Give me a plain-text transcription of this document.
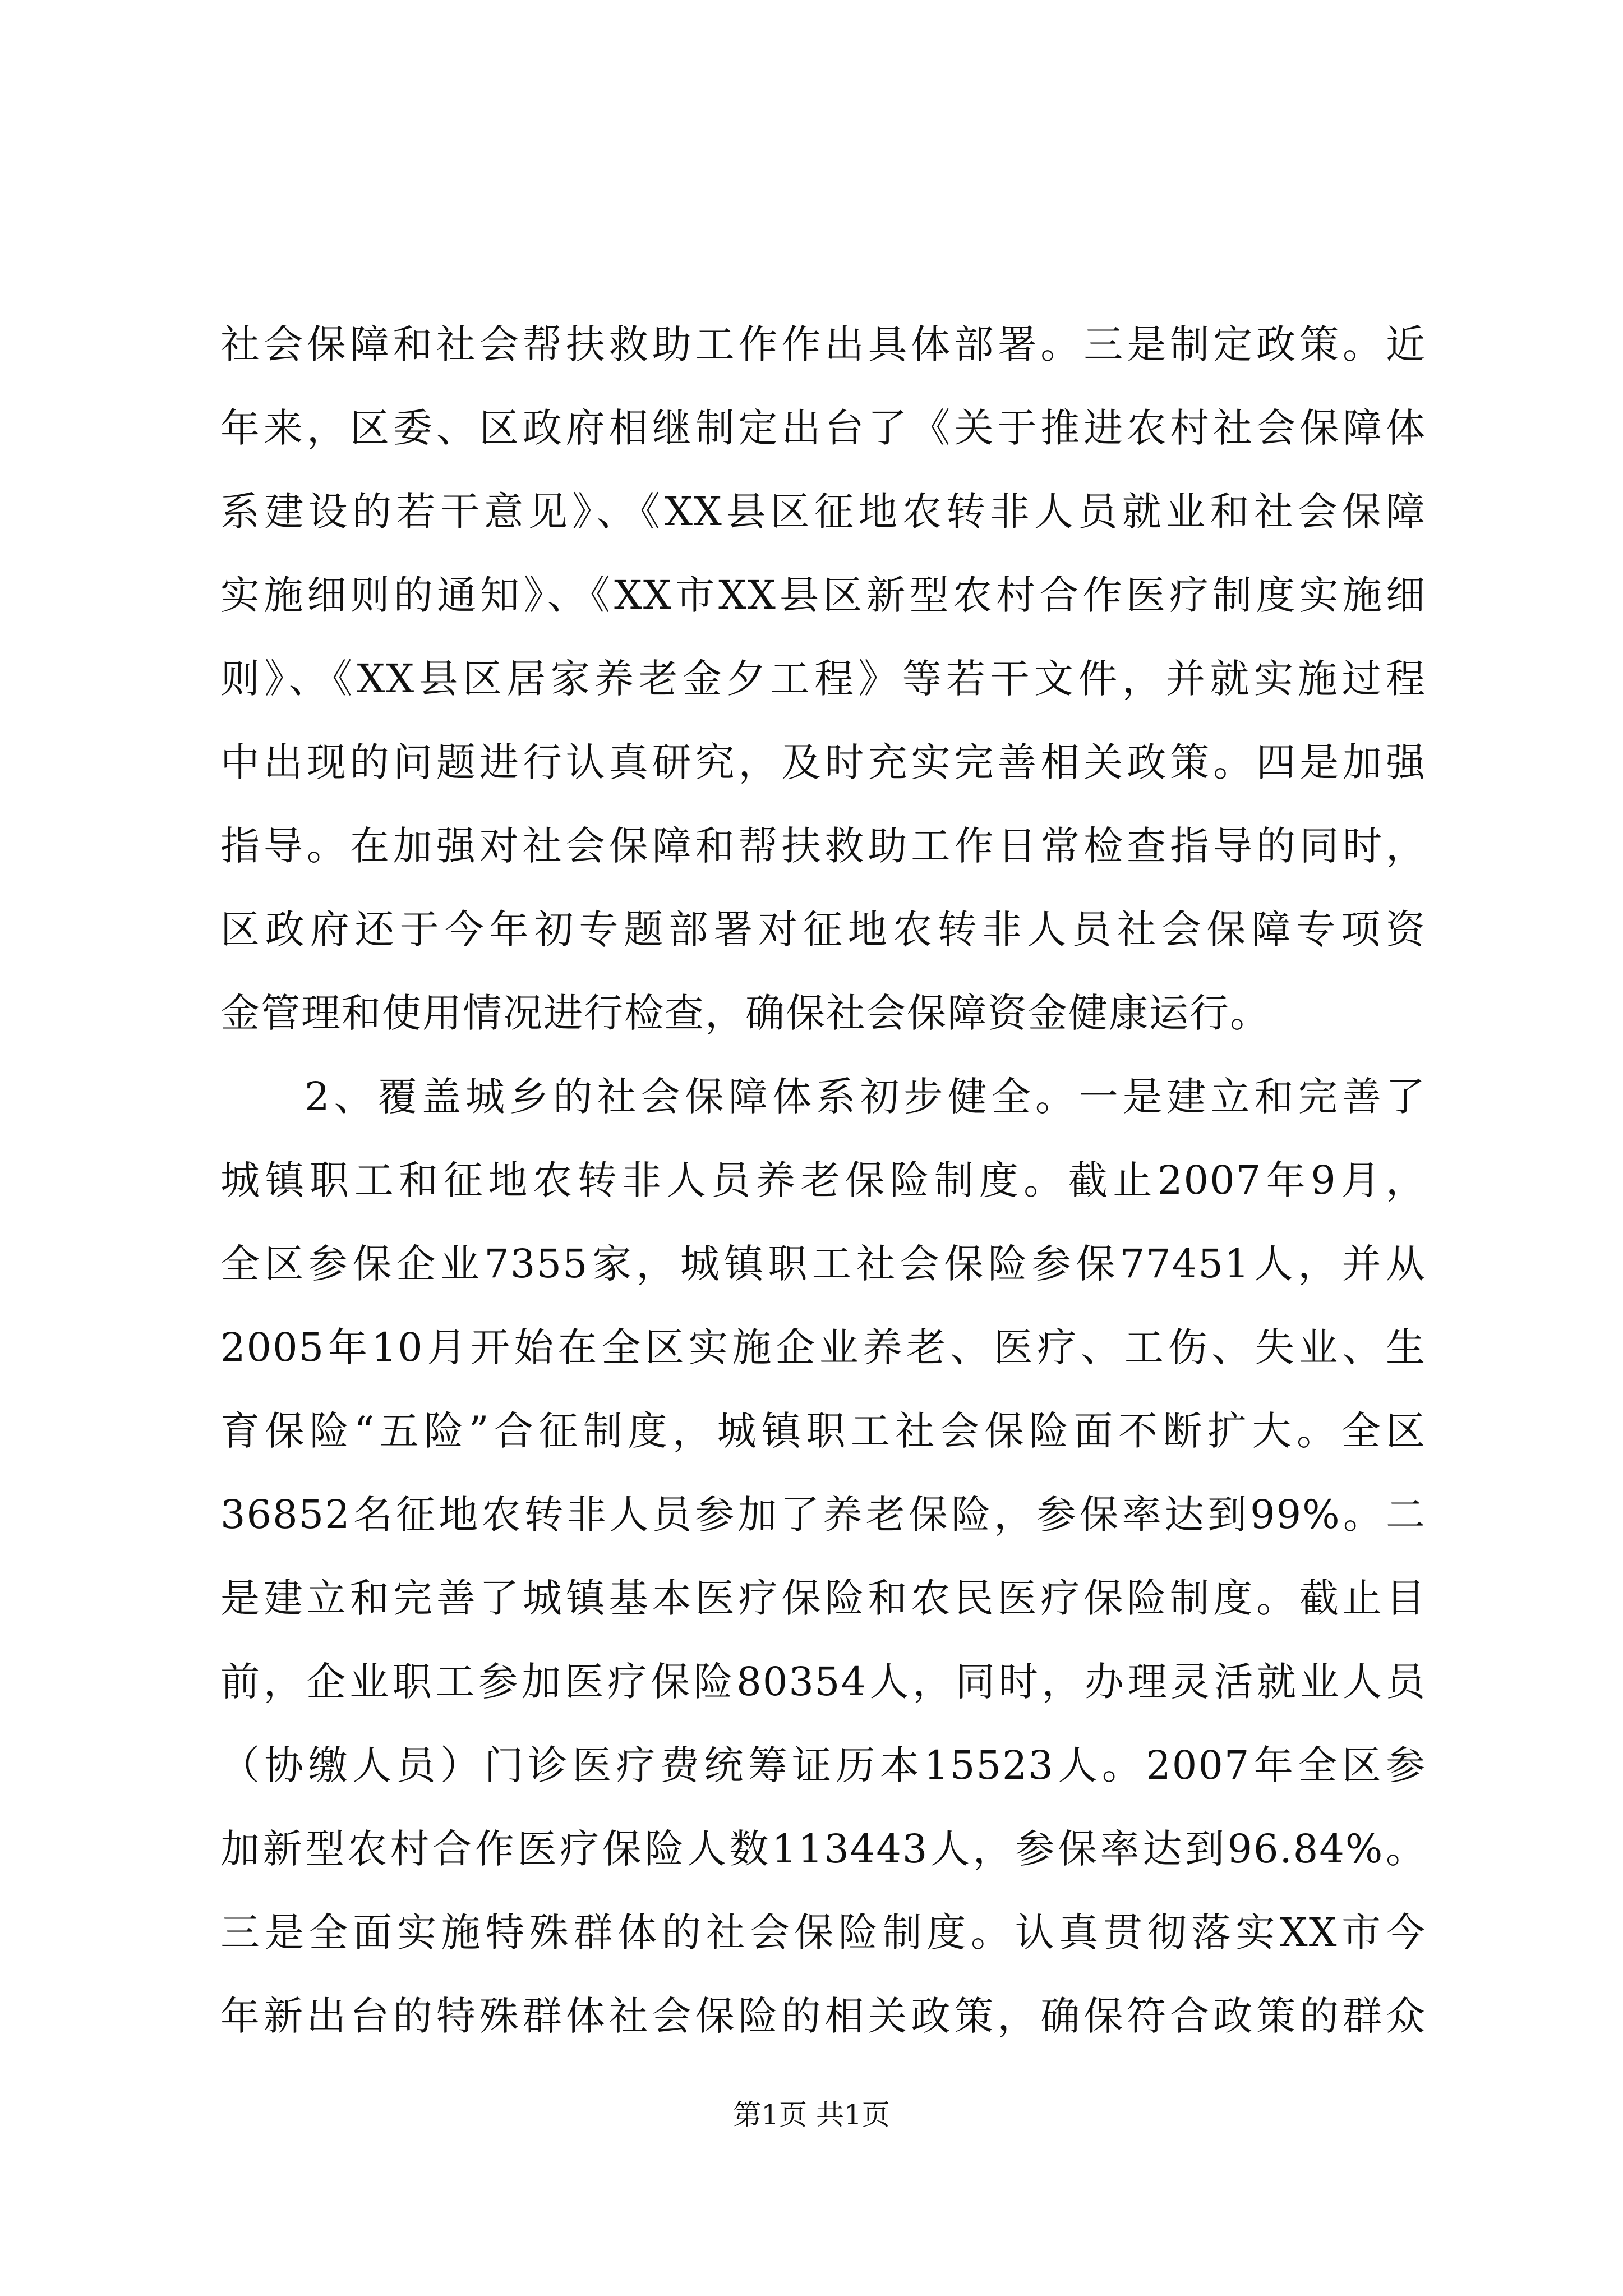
社会保障和社会帮扶救助工作作出具体部署。三是制定政策。近
年来，区委、区政府相继制定出台了《关于推进农村社会保障体
系建设的若干意见》、《XX县区征地农转非人员就业和社会保障
实施细则的通知》、《XX市XX县区新型农村合作医疗制度实施细
则》、《XX县区居家养老金夕工程》等若干文件，并就实施过程
中出现的问题进行认真研究，及时充实完善相关政策。四是加强
指导。在加强对社会保障和帮扶救助工作日常检查指导的同时，
区政府还于今年初专题部署对征地农转非人员社会保障专项资
金管理和使用情况进行检查，确保社会保障资金健康运行。
2、覆盖城乡的社会保障体系初步健全。一是建立和完善了
城镇职工和征地农转非人员养老保险制度。截止2007年9月，
全区参保企业7355家，城镇职工社会保险参保77451人，并从
2005年10月开始在全区实施企业养老、医疗、工伤、失业、生
育保险“五险”合征制度，城镇职工社会保险面不断扩大。全区
36852名征地农转非人员参加了养老保险，参保率达到99%。二
是建立和完善了城镇基本医疗保险和农民医疗保险制度。截止目
前，企业职工参加医疗保险80354人，同时，办理灵活就业人员
（协缴人员）门诊医疗费统筹证历本15523人。2007年全区参
加新型农村合作医疗保险人数113443人，参保率达到96.84%。
三是全面实施特殊群体的社会保险制度。认真贯彻落实XX市今
年新出台的特殊群体社会保险的相关政策，确保符合政策的群众
第1页 共1页
